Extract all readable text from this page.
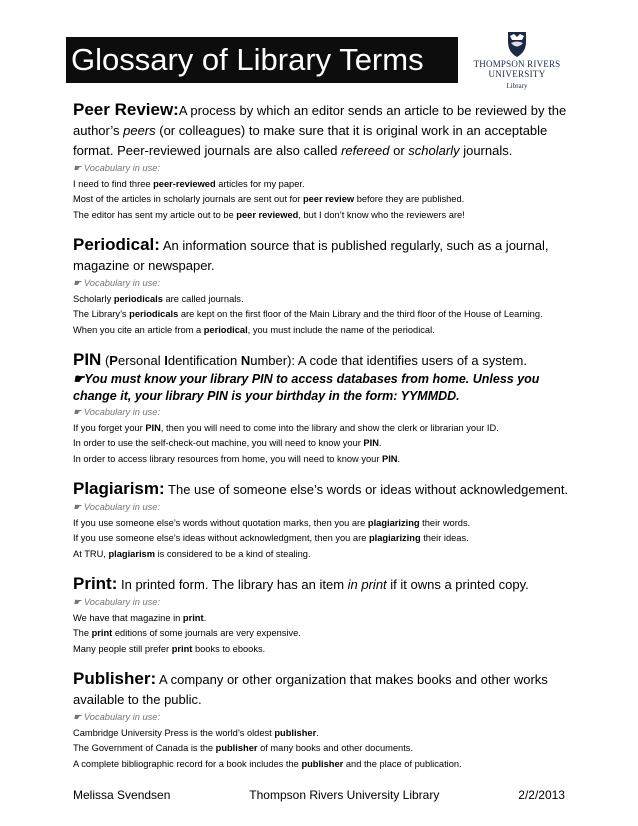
Glossary of Library Terms	THOMPSON RIVERS
UNIVERSITY
Library
Peer Review:A process by which an editor sends an article to be reviewed by the author’s peers (or colleagues) to make sure that it is original work in an acceptable format. Peer-reviewed journals are also called refereed or scholarly journals.
☛ Vocabulary in use:
I need to find three peer-reviewed articles for my paper.
Most of the articles in scholarly journals are sent out for peer review before they are published.
The editor has sent my article out to be peer reviewed, but I don’t know who the reviewers are!
Periodical: An information source that is published regularly, such as a journal, magazine or newspaper.
☛ Vocabulary in use:
Scholarly periodicals are called journals.
The Library’s periodicals are kept on the first floor of the Main Library and the third floor of the House of Learning.
When you cite an article from a periodical, you must include the name of the periodical.
PIN (Personal Identification Number): A code that identifies users of a system.
☛You must know your library PIN to access databases from home. Unless you change it, your library PIN is your birthday in the form: YYMMDD.
☛ Vocabulary in use:
If you forget your PIN, then you will need to come into the library and show the clerk or librarian your ID.
In order to use the self-check-out machine, you will need to know your PIN.
In order to access library resources from home, you will need to know your PIN.
Plagiarism: The use of someone else’s words or ideas without acknowledgement.
☛ Vocabulary in use:
If you use someone else’s words without quotation marks, then you are plagiarizing their words.
If you use someone else’s ideas without acknowledgment, then you are plagiarizing their ideas.
At TRU, plagiarism is considered to be a kind of stealing.
Print: In printed form. The library has an item in print if it owns a printed copy.
☛ Vocabulary in use:
We have that magazine in print.
The print editions of some journals are very expensive.
Many people still prefer print books to ebooks.
Publisher: A company or other organization that makes books and other works available to the public.
☛ Vocabulary in use:
Cambridge University Press is the world’s oldest publisher.
The Government of Canada is the publisher of many books and other documents.
A complete bibliographic record for a book includes the publisher and the place of publication.
Melissa Svendsen	Thompson Rivers University Library	2/2/2013
